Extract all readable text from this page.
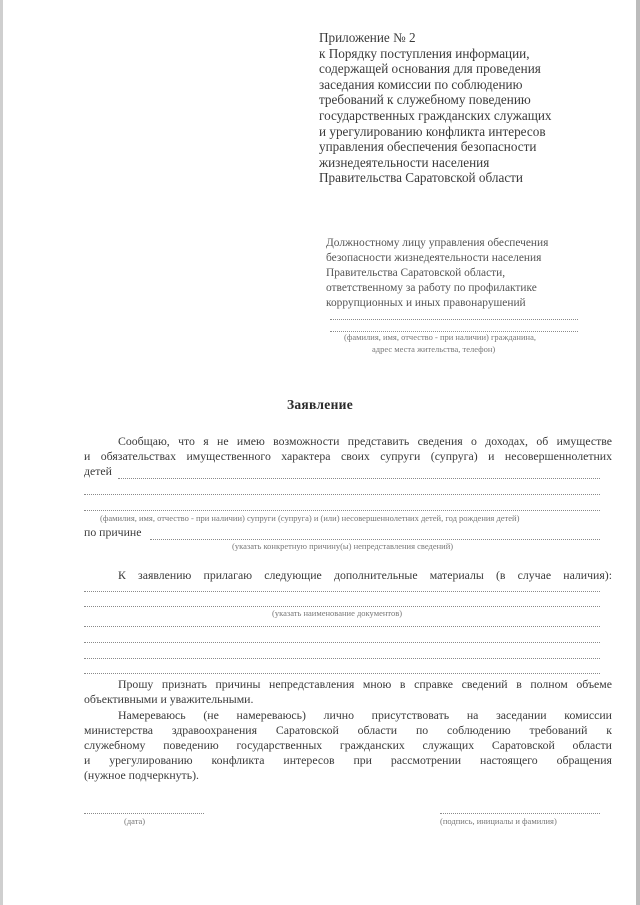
Приложение № 2
к Порядку поступления информации,
содержащей основания для проведения
заседания комиссии по соблюдению
требований к служебному поведению
государственных гражданских служащих
и урегулированию конфликта интересов
управления обеспечения безопасности
жизнедеятельности населения
Правительства Саратовской области
Должностному лицу управления обеспечения
безопасности жизнедеятельности населения
Правительства Саратовской области,
ответственному за работу по профилактике
коррупционных и иных правонарушений
(фамилия, имя, отчество - при наличии) гражданина,
адрес места жительства, телефон)
Заявление
Сообщаю, что я не имею возможности представить сведения о доходах, об имуществе
и обязательствах имущественного характера своих супруги (супруга) и несовершеннолетних
детей
(фамилия, имя, отчество - при наличии) супруги (супруга) и (или) несовершеннолетних детей, год рождения детей)
по причине
(указать конкретную причину(ы) непредставления сведений)
К заявлению прилагаю следующие дополнительные материалы (в случае наличия):
(указать наименование документов)
Прошу признать причины непредставления мною в справке сведений в полном объеме
объективными и уважительными.
Намереваюсь (не намереваюсь) лично присутствовать на заседании комиссии
министерства здравоохранения Саратовской области по соблюдению требований к
служебному поведению государственных гражданских служащих Саратовской области
и урегулированию конфликта интересов при рассмотрении настоящего обращения
(нужное подчеркнуть).
(дата)	(подпись, инициалы и фамилия)
